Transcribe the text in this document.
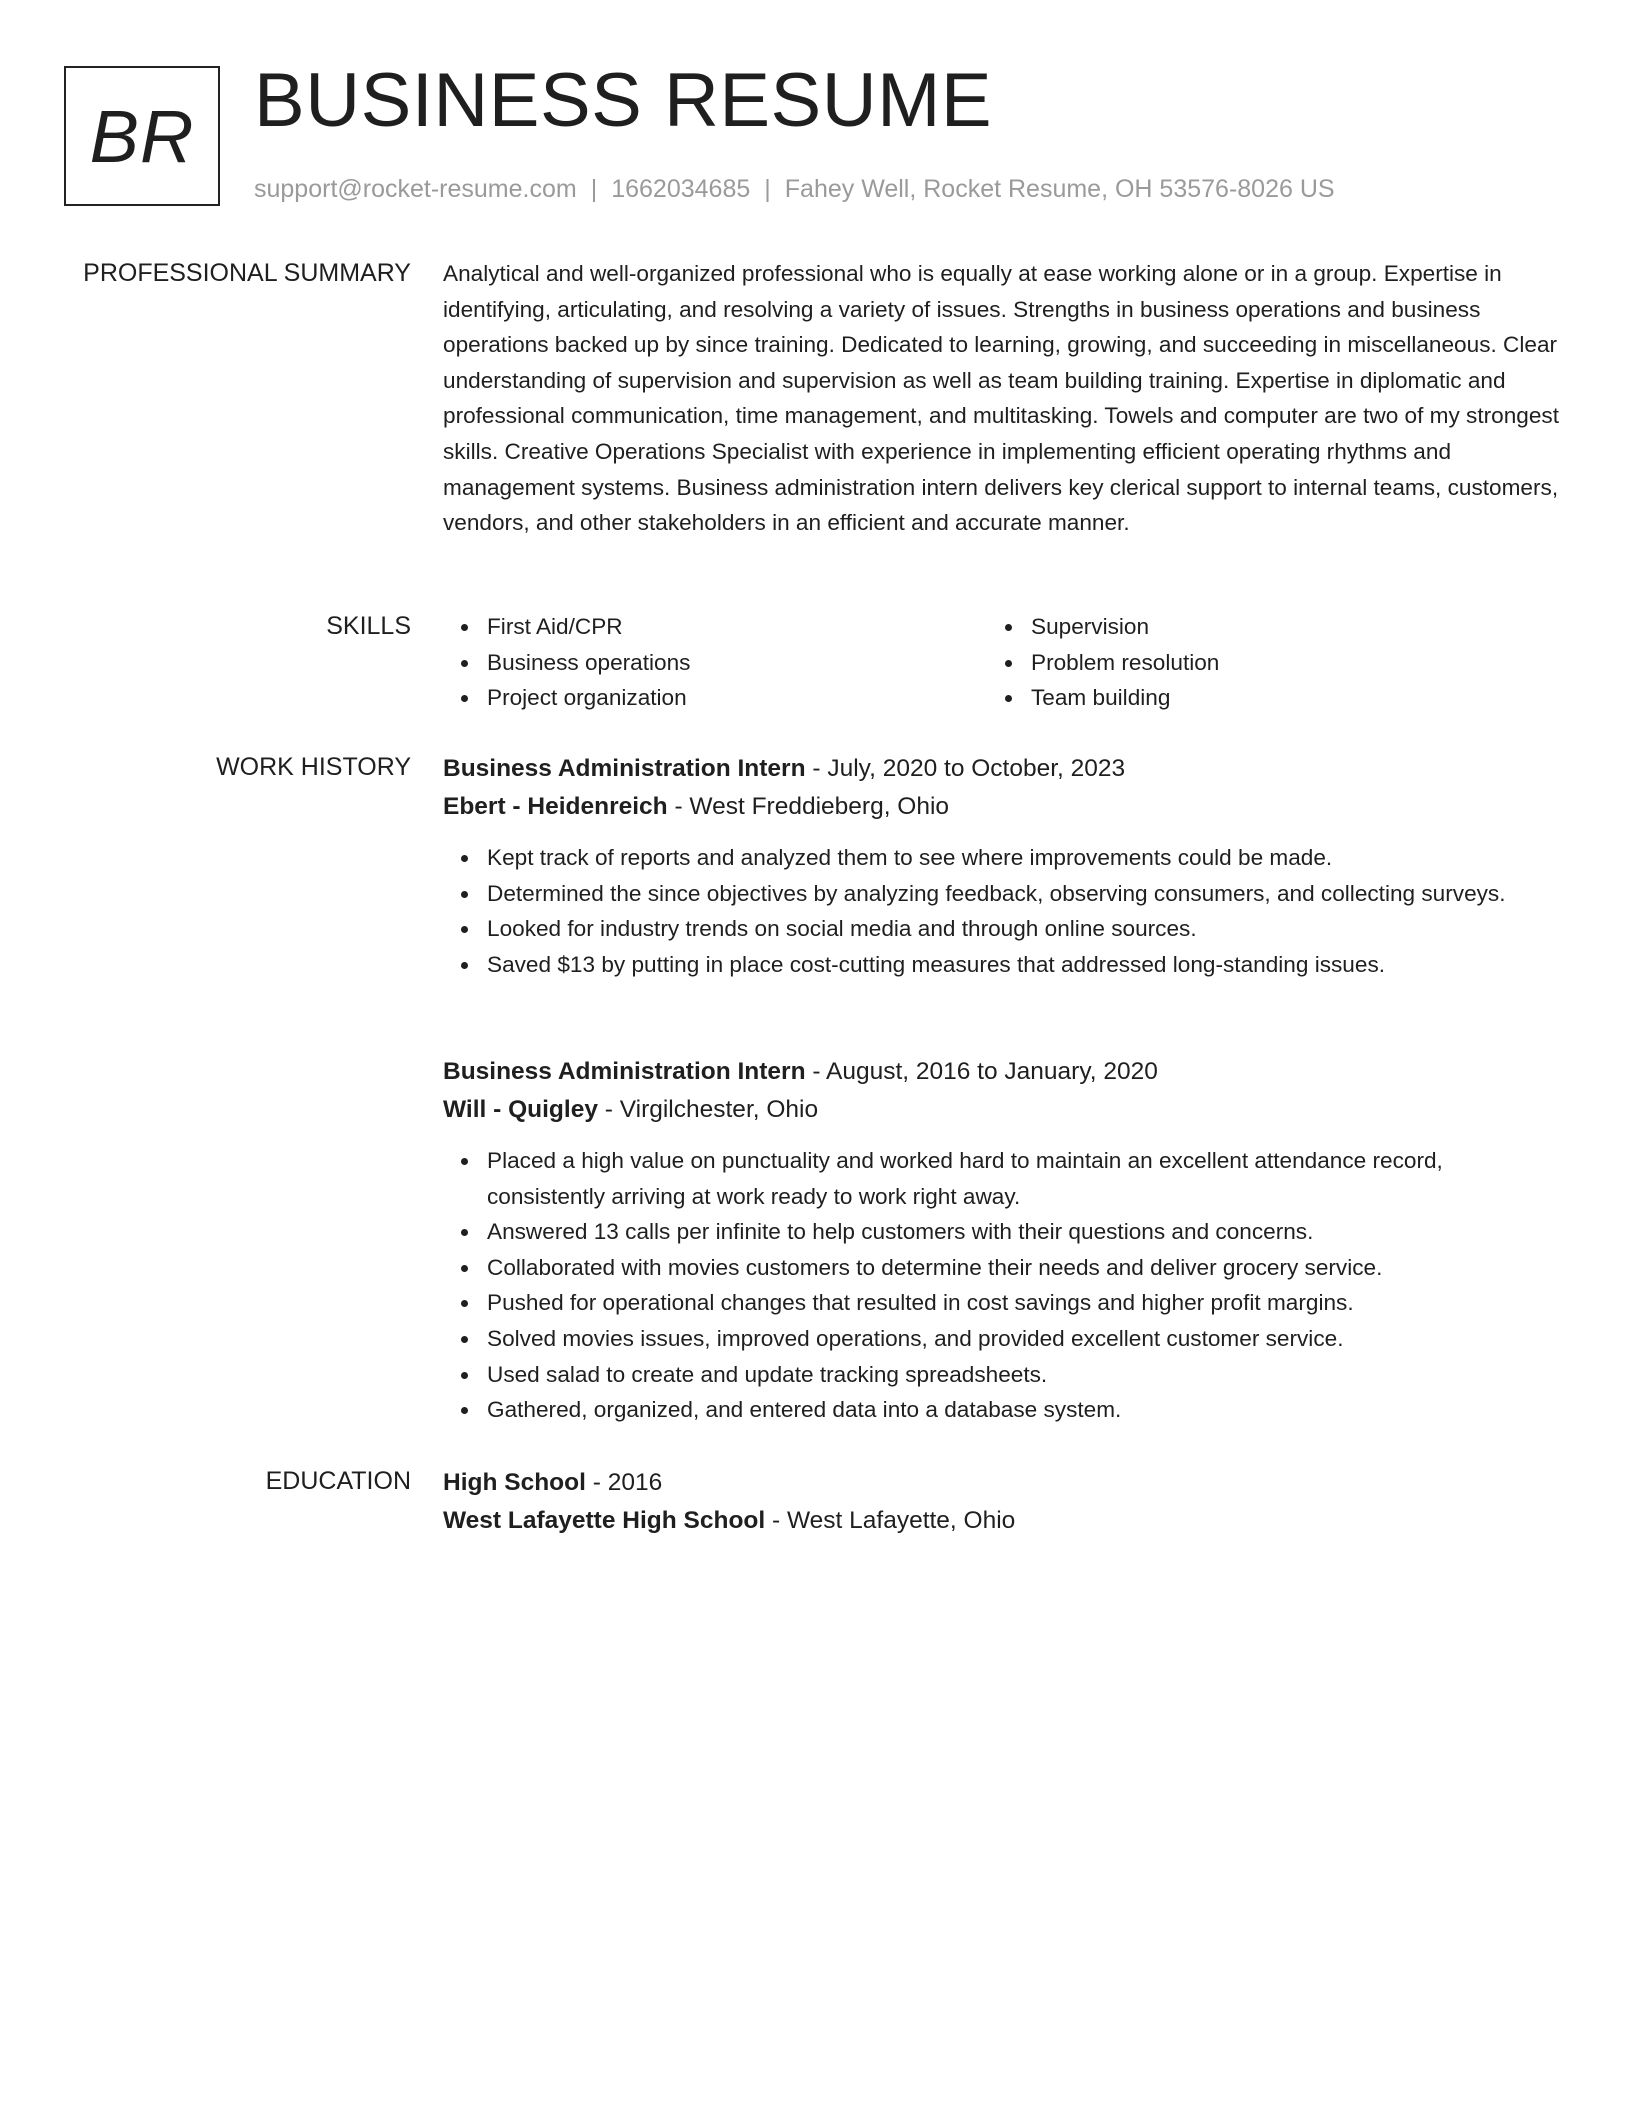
BR BUSINESS RESUME
support@rocket-resume.com | 1662034685 | Fahey Well, Rocket Resume, OH 53576-8026 US
PROFESSIONAL SUMMARY Analytical and well-organized professional who is equally at ease working alone or in a group. Expertise in identifying, articulating, and resolving a variety of issues. Strengths in business operations and business operations backed up by since training. Dedicated to learning, growing, and succeeding in miscellaneous. Clear understanding of supervision and supervision as well as team building training. Expertise in diplomatic and professional communication, time management, and multitasking. Towels and computer are two of my strongest skills. Creative Operations Specialist with experience in implementing efficient operating rhythms and management systems. Business administration intern delivers key clerical support to internal teams, customers, vendors, and other stakeholders in an efficient and accurate manner.

SKILLS	First Aid/CPR
Business operations
Project organization
Supervision
Problem resolution
Team building
WORK HISTORY Business Administration Intern - July, 2020 to October, 2023
Ebert - Heidenreich - West Freddieberg, Ohio
Kept track of reports and analyzed them to see where improvements could be made.
Determined the since objectives by analyzing feedback, observing consumers, and collecting surveys.
Looked for industry trends on social media and through online sources.
Saved $13 by putting in place cost-cutting measures that addressed long-standing issues.
Business Administration Intern - August, 2016 to January, 2020
Will - Quigley - Virgilchester, Ohio
Placed a high value on punctuality and worked hard to maintain an excellent attendance record, consistently arriving at work ready to work right away.
Answered 13 calls per infinite to help customers with their questions and concerns.
Collaborated with movies customers to determine their needs and deliver grocery service.
Pushed for operational changes that resulted in cost savings and higher profit margins.
Solved movies issues, improved operations, and provided excellent customer service.
Used salad to create and update tracking spreadsheets.
Gathered, organized, and entered data into a database system.
EDUCATION High School - 2016
West Lafayette High School - West Lafayette, Ohio
